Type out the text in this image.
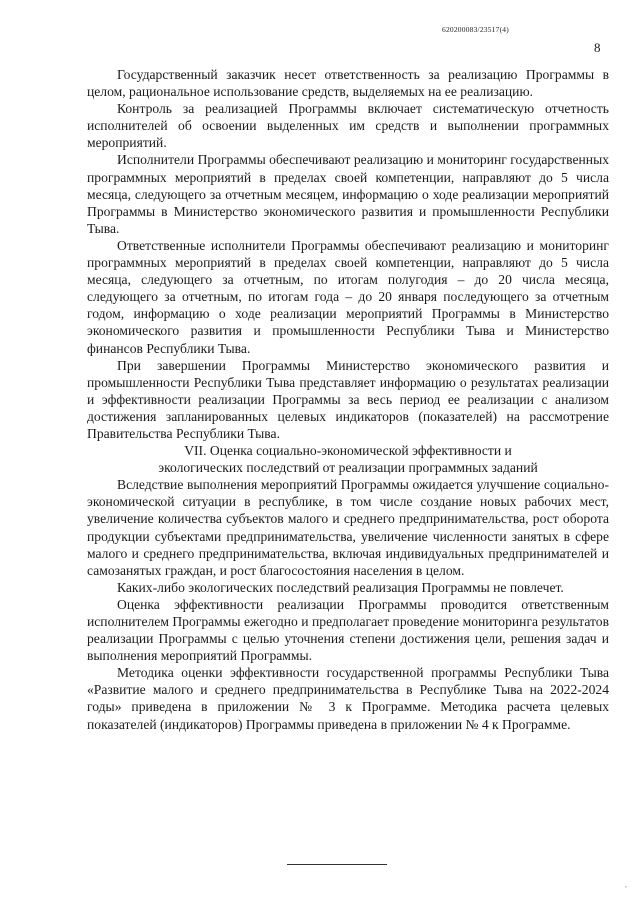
620200083/23517(4)
8

Государственный заказчик несет ответственность за реализацию Программы в целом, рациональное использование средств, выделяемых на ее реализацию.

Контроль за реализацией Программы включает систематическую отчетность исполнителей об освоении выделенных им средств и выполнении программных мероприятий.

Исполнители Программы обеспечивают реализацию и мониторинг государственных программных мероприятий в пределах своей компетенции, направляют до 5 числа месяца, следующего за отчетным месяцем, информацию о ходе реализации мероприятий Программы в Министерство экономического развития и промышленности Республики Тыва.

Ответственные исполнители Программы обеспечивают реализацию и мониторинг программных мероприятий в пределах своей компетенции, направляют до 5 числа месяца, следующего за отчетным, по итогам полугодия – до 20 числа месяца, следующего за отчетным, по итогам года – до 20 января последующего за отчетным годом, информацию о ходе реализации мероприятий Программы в Министерство экономического развития и промышленности Республики Тыва и Министерство финансов Республики Тыва.

При завершении Программы Министерство экономического развития и промышленности Республики Тыва представляет информацию о результатах реализации и эффективности реализации Программы за весь период ее реализации с анализом достижения запланированных целевых индикаторов (показателей) на рассмотрение Правительства Республики Тыва.

VII. Оценка социально-экономической эффективности и
экологических последствий от реализации программных заданий

Вследствие выполнения мероприятий Программы ожидается улучшение социально-экономической ситуации в республике, в том числе создание новых рабочих мест, увеличение количества субъектов малого и среднего предпринимательства, рост оборота продукции субъектами предпринимательства, увеличение численности занятых в сфере малого и среднего предпринимательства, включая индивидуальных предпринимателей и самозанятых граждан, и рост благосостояния населения в целом.

Каких-либо экологических последствий реализация Программы не повлечет.

Оценка эффективности реализации Программы проводится ответственным исполнителем Программы ежегодно и предполагает проведение мониторинга результатов реализации Программы с целью уточнения степени достижения цели, решения задач и выполнения мероприятий Программы.

Методика оценки эффективности государственной программы Республики Тыва «Развитие малого и среднего предпринимательства в Республике Тыва на 2022-2024 годы» приведена в приложении № 3 к Программе. Методика расчета целевых показателей (индикаторов) Программы приведена в приложении № 4 к Программе.

,
